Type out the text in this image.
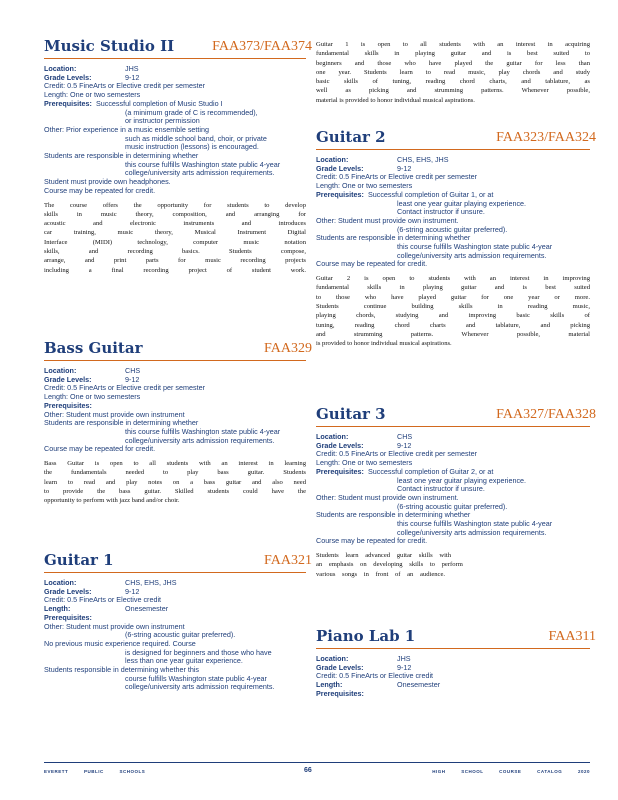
Music Studio II	FAA373/FAA374
Location:	JHS
Grade Levels:	9-12
Credit: 0.5 FineArts or Elective credit per semester
Length: One or two semesters
Prerequisites: Successful completion of Music Studio I
(a minimum grade of C is recommended),
or instructor permission
Other: Prior experience in a music ensemble setting
such as middle school band, choir, or private
music instruction (lessons) is encouraged.
Students are responsible in determining whether
this course fulfills Washington state public 4-year
college/university arts admission requirements.
Student must provide own headphones.
Course may be repeated for credit.
The course offers the opportunity for students to develop
skills in music theory, composition, and arranging for
acoustic and electronic instruments and introduces
car training, music theory, Musical Instrument Digital
Interface (MIDI) technology, computer music notation
skills, and recording basics. Students compose,
arrange, and print parts for music recording projects
including a final recording project of student work.
Bass Guitar	FAA329
Location:	CHS
Grade Levels:	9-12
Credit: 0.5 FineArts or Elective credit per semester
Length: One or two semesters
Prerequisites:
Other: Student must provide own instrument
Students are responsible in determining whether
this course fulfills Washington state public 4-year
college/university arts admission requirements.
Course may be repeated for credit.
Bass Guitar is open to all students with an interest in learning
the fundamentals needed to play bass guitar. Students
learn to read and play notes on a bass guitar and also need
to provide the bass guitar. Skilled students could have the
opportunity to perform with jazz band and/or choir.
Guitar 1	FAA321
Location:	CHS, EHS, JHS
Grade Levels:	9-12
Credit: 0.5 FineArts or Elective credit
Length:	Onesemester
Prerequisites:
Other: Student must provide own instrument
(6-string acoustic guitar preferred).
No previous music experience required. Course
is designed for beginners and those who have
less than one year guitar experience.
Students responsible in determining whether this
course fulfills Washington state public 4-year
college/university arts admission requirements.
Guitar 1 is open to all students with an interest in acquiring
fundamental skills in playing guitar and is best suited to
beginners and those who have played the guitar for less than
one year. Students learn to read music, play chords and study
basic skills of tuning, reading chord charts, and tablature, as
well as picking and strumming patterns. Whenever possible,
material is provided to honor individual musical aspirations.
Guitar 2	FAA323/FAA324
Location:	CHS, EHS, JHS
Grade Levels:	9-12
Credit: 0.5 FineArts or Elective credit per semester
Length: One or two semesters
Prerequisites: Successful completion of Guitar 1, or at
least one year guitar playing experience.
Contact instructor if unsure.
Other: Student must provide own instrument.
(6-string acoustic guitar preferred).
Students are responsible in determining whether
this course fulfills Washington state public 4-year
college/university arts admission requirements.
Course may be repeated for credit.
Guitar 2 is open to students with an interest in improving
fundamental skills in playing guitar and is best suited
to those who have played guitar for one year or more.
Students continue building skills in reading music,
playing chords, studying and improving basic skills of
tuning, reading chord charts and tablature, and picking
and strumming patterns. Whenever possible, material
is provided to honor individual musical aspirations.
Guitar 3	FAA327/FAA328
Location:	CHS
Grade Levels:	9-12
Credit: 0.5 FineArts or Elective credit per semester
Length: One or two semesters
Prerequisites: Successful completion of Guitar 2, or at
least one year guitar playing experience.
Contact instructor if unsure.
Other: Student must provide own instrument.
(6-string acoustic guitar preferred).
Students are responsible in determining whether
this course fulfills Washington state public 4-year
college/university arts admission requirements.
Course may be repeated for credit.
Students learn advanced guitar skills with
an emphasis on developing skills to perform
various songs in front of an audience.
Piano Lab 1	FAA311
Location:	JHS
Grade Levels:	9-12
Credit: 0.5 FineArts or Elective credit
Length:	Onesemester
Prerequisites:
EVERETT PUBLIC SCHOOLS	66	HIGH SCHOOL COURSE CATALOG 2020
